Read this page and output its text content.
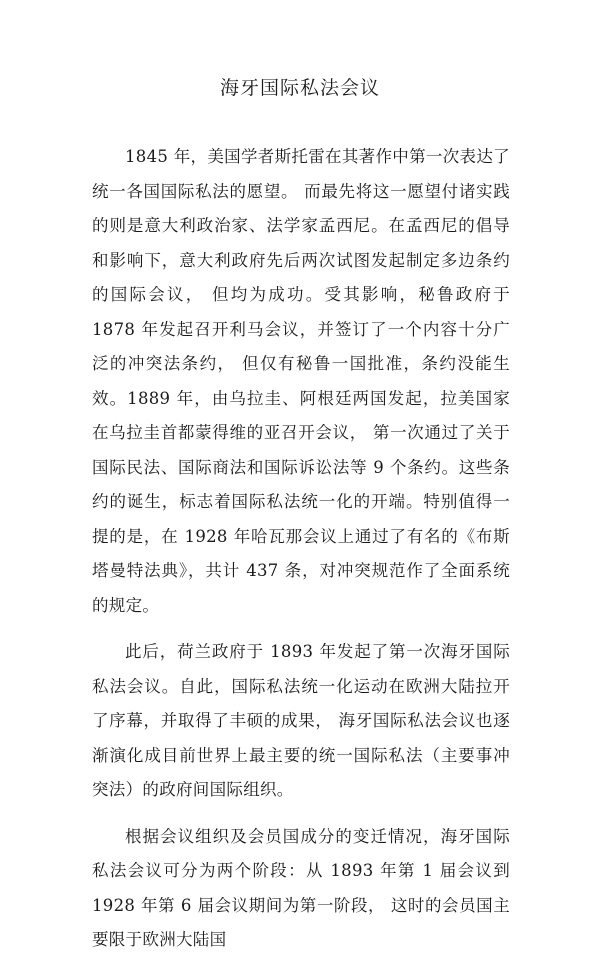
海牙国际私法会议

1845 年，美国学者斯托雷在其著作中第一次表达了统一各国国际私法的愿望。 而最先将这一愿望付诸实践的则是意大利政治家、法学家孟西尼。在孟西尼的倡导和影响下，意大利政府先后两次试图发起制定多边条约的国际会议， 但均为成功。受其影响，秘鲁政府于 1878 年发起召开利马会议，并签订了一个内容十分广泛的冲突法条约， 但仅有秘鲁一国批准，条约没能生效。1889 年，由乌拉圭、阿根廷两国发起，拉美国家在乌拉圭首都蒙得维的亚召开会议， 第一次通过了关于国际民法、国际商法和国际诉讼法等 9 个条约。这些条约的诞生，标志着国际私法统一化的开端。特别值得一提的是，在 1928 年哈瓦那会议上通过了有名的《布斯塔曼特法典》，共计 437 条，对冲突规范作了全面系统的规定。

此后，荷兰政府于 1893 年发起了第一次海牙国际私法会议。自此，国际私法统一化运动在欧洲大陆拉开了序幕，并取得了丰硕的成果， 海牙国际私法会议也逐渐演化成目前世界上最主要的统一国际私法（主要事冲突法）的政府间国际组织。

根据会议组织及会员国成分的变迁情况，海牙国际私法会议可分为两个阶段：从 1893 年第 1 届会议到 1928 年第 6 届会议期间为第一阶段， 这时的会员国主要限于欧洲大陆国
